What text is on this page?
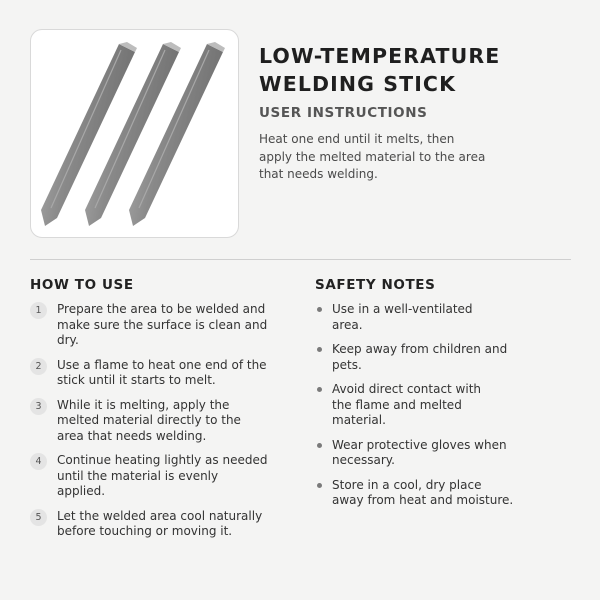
LOW-TEMPERATURE
WELDING STICK
USER INSTRUCTIONS
Heat one end until it melts, then
apply the melted material to the area
that needs welding.
HOW TO USE	SAFETY NOTES
1	Prepare the area to be welded and
make sure the surface is clean and
dry.
2	Use a flame to heat one end of the
stick until it starts to melt.
3	While it is melting, apply the
melted material directly to the
area that needs welding.
4	Continue heating lightly as needed
until the material is evenly
applied.
5	Let the welded area cool naturally
before touching or moving it.
Use in a well-ventilated
area.
Keep away from children and
pets.
Avoid direct contact with
the flame and melted
material.
Wear protective gloves when
necessary.
Store in a cool, dry place
away from heat and moisture.
